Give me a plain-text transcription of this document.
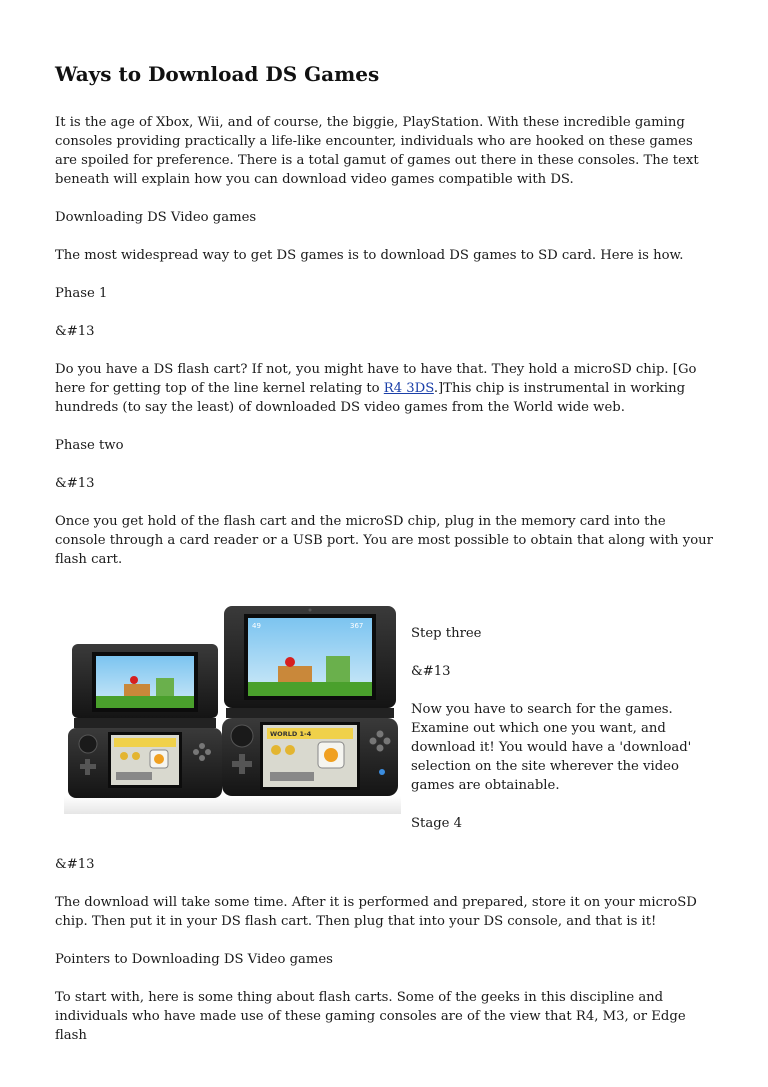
Ways to Download DS Games

It is the age of Xbox, Wii, and of course, the biggie, PlayStation. With these incredible gaming consoles providing practically a life-like encounter, individuals who are hooked on these games are spoiled for preference. There is a total gamut of games out there in these consoles. The text beneath will explain how you can download video games compatible with DS.

Downloading DS Video games

The most widespread way to get DS games is to download DS games to SD card. Here is how.

Phase 1

&#13

Do you have a DS flash cart? If not, you might have to have that. They hold a microSD chip. [Go here for getting top of the line kernel relating to R4 3DS.]This chip is instrumental in working hundreds (to say the least) of downloaded DS video games from the World wide web.

Phase two

&#13

Once you get hold of the flash cart and the microSD chip, plug in the memory card into the console through a card reader or a USB port. You are most possible to obtain that along with your flash cart.

49	367
WORLD 1-4

Step three

&#13

Now you have to search for the games. Examine out which one you want, and download it! You would have a 'download' selection on the site wherever the video games are obtainable.

Stage 4

&#13

The download will take some time. After it is performed and prepared, store it on your microSD chip. Then put it in your DS flash cart. Then plug that into your DS console, and that is it!

Pointers to Downloading DS Video games

To start with, here is some thing about flash carts. Some of the geeks in this discipline and individuals who have made use of these gaming consoles are of the view that R4, M3, or Edge flash
